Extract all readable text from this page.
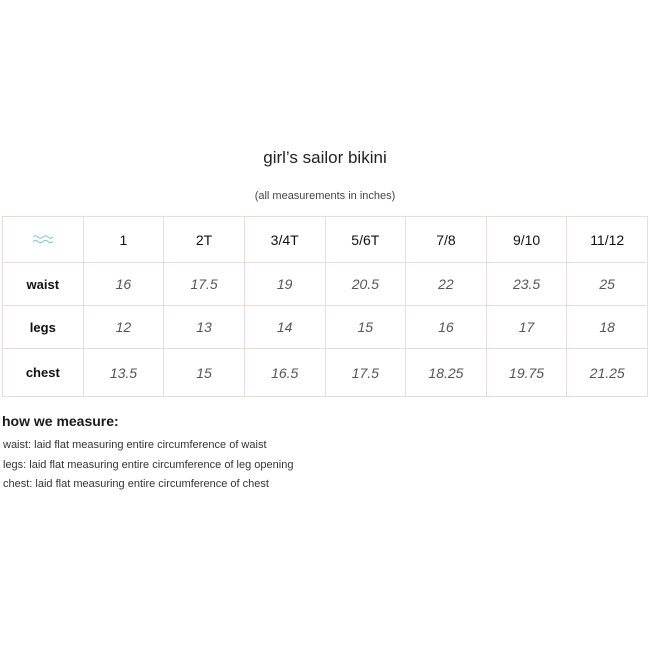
girl’s sailor bikini
(all measurements in inches)
	1	2T	3/4T	5/6T	7/8	9/10	11/12
waist	16	17.5	19	20.5	22	23.5	25
legs	12	13	14	15	16	17	18
chest	13.5	15	16.5	17.5	18.25	19.75	21.25
how we measure:
waist: laid flat measuring entire circumference of waist
legs: laid flat measuring entire circumference of leg opening
chest: laid flat measuring entire circumference of chest
